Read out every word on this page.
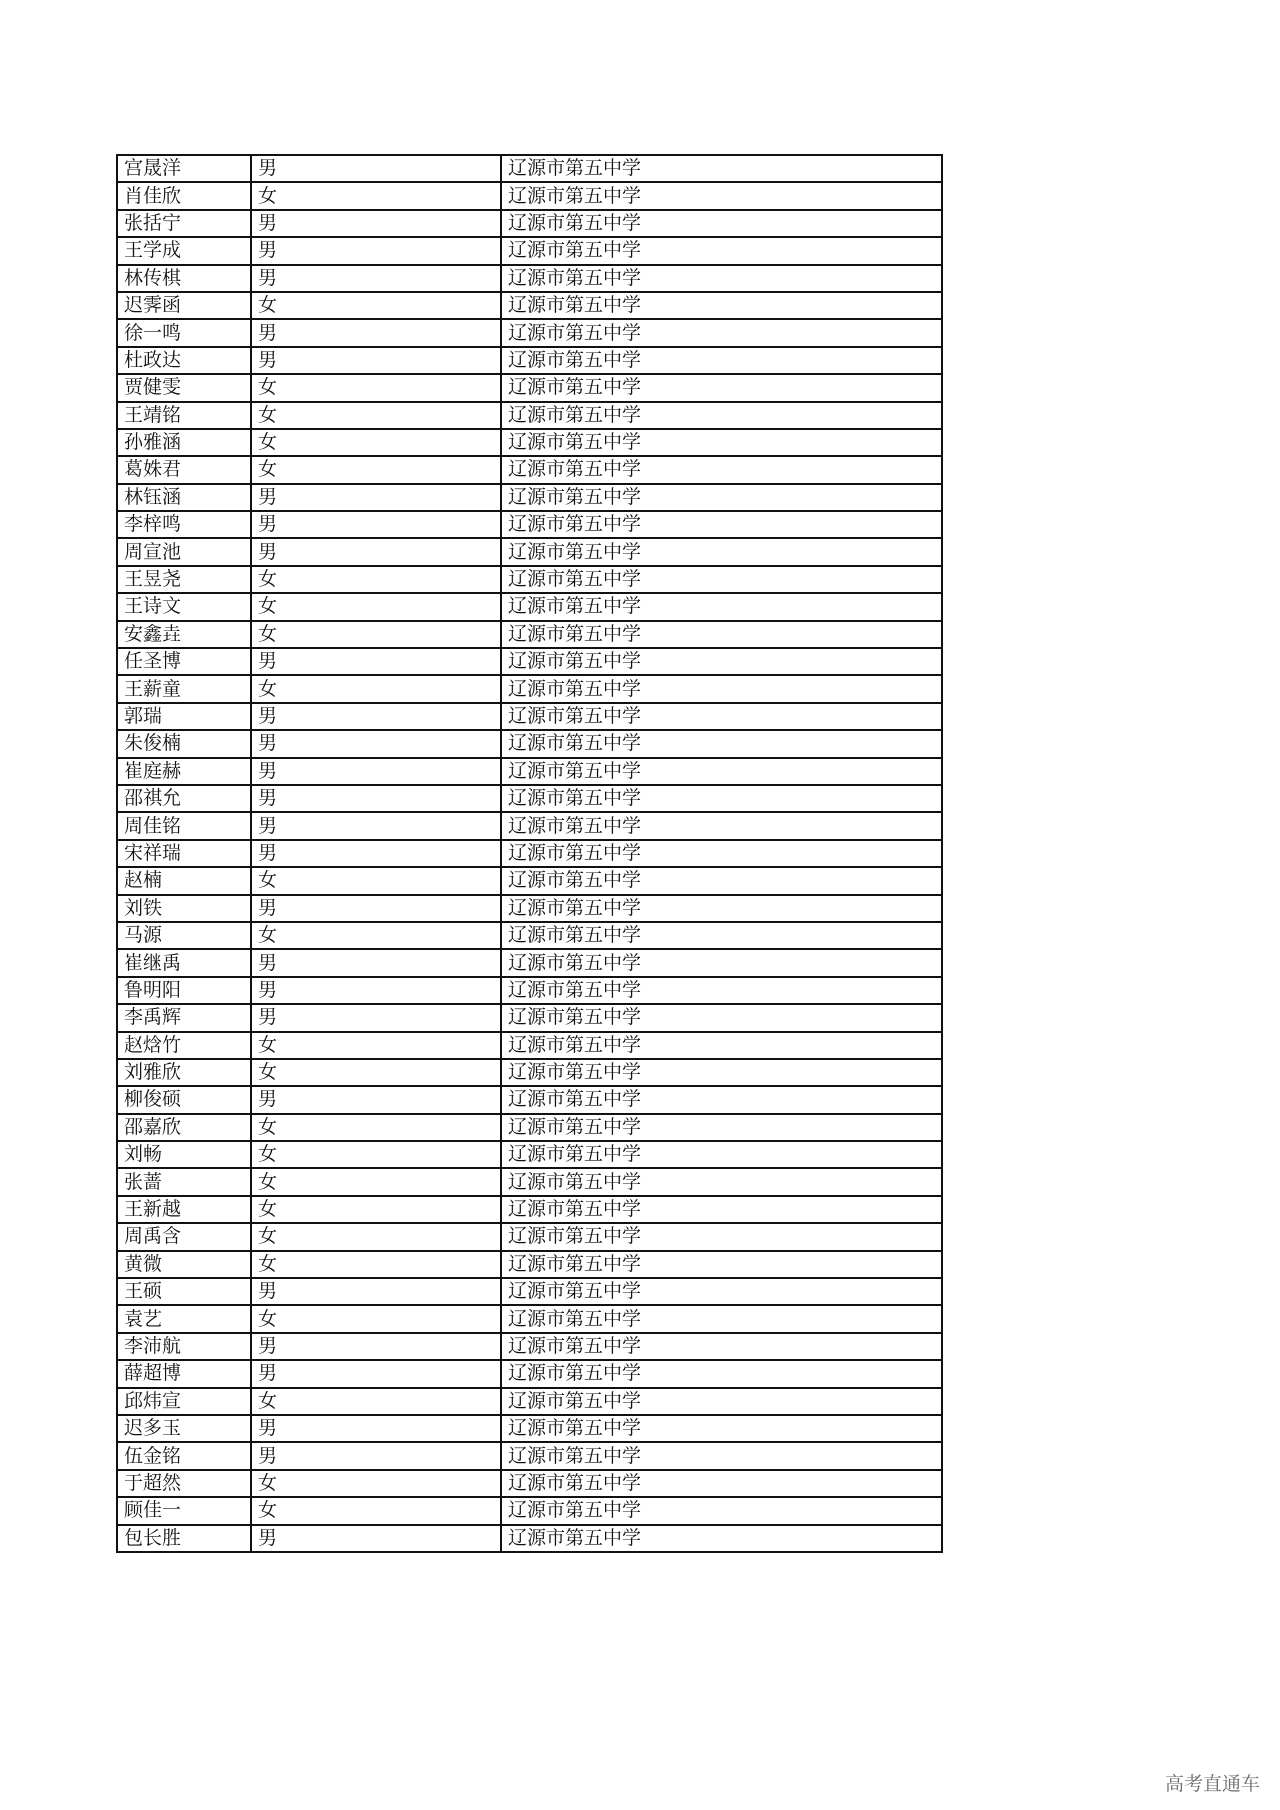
宫晟洋	男	辽源市第五中学
肖佳欣	女	辽源市第五中学
张括宁	男	辽源市第五中学
王学成	男	辽源市第五中学
林传棋	男	辽源市第五中学
迟霁函	女	辽源市第五中学
徐一鸣	男	辽源市第五中学
杜政达	男	辽源市第五中学
贾健雯	女	辽源市第五中学
王靖铭	女	辽源市第五中学
孙雅涵	女	辽源市第五中学
葛姝君	女	辽源市第五中学
林钰涵	男	辽源市第五中学
李梓鸣	男	辽源市第五中学
周宣池	男	辽源市第五中学
王昱尧	女	辽源市第五中学
王诗文	女	辽源市第五中学
安鑫垚	女	辽源市第五中学
任圣博	男	辽源市第五中学
王薪童	女	辽源市第五中学
郭瑞	男	辽源市第五中学
朱俊楠	男	辽源市第五中学
崔庭赫	男	辽源市第五中学
邵祺允	男	辽源市第五中学
周佳铭	男	辽源市第五中学
宋祥瑞	男	辽源市第五中学
赵楠	女	辽源市第五中学
刘铁	男	辽源市第五中学
马源	女	辽源市第五中学
崔继禹	男	辽源市第五中学
鲁明阳	男	辽源市第五中学
李禹辉	男	辽源市第五中学
赵焓竹	女	辽源市第五中学
刘雅欣	女	辽源市第五中学
柳俊硕	男	辽源市第五中学
邵嘉欣	女	辽源市第五中学
刘畅	女	辽源市第五中学
张蔷	女	辽源市第五中学
王新越	女	辽源市第五中学
周禹含	女	辽源市第五中学
黄微	女	辽源市第五中学
王硕	男	辽源市第五中学
袁艺	女	辽源市第五中学
李沛航	男	辽源市第五中学
薛超博	男	辽源市第五中学
邱炜宣	女	辽源市第五中学
迟多玉	男	辽源市第五中学
伍金铭	男	辽源市第五中学
于超然	女	辽源市第五中学
顾佳一	女	辽源市第五中学
包长胜	男	辽源市第五中学
高考直通车
